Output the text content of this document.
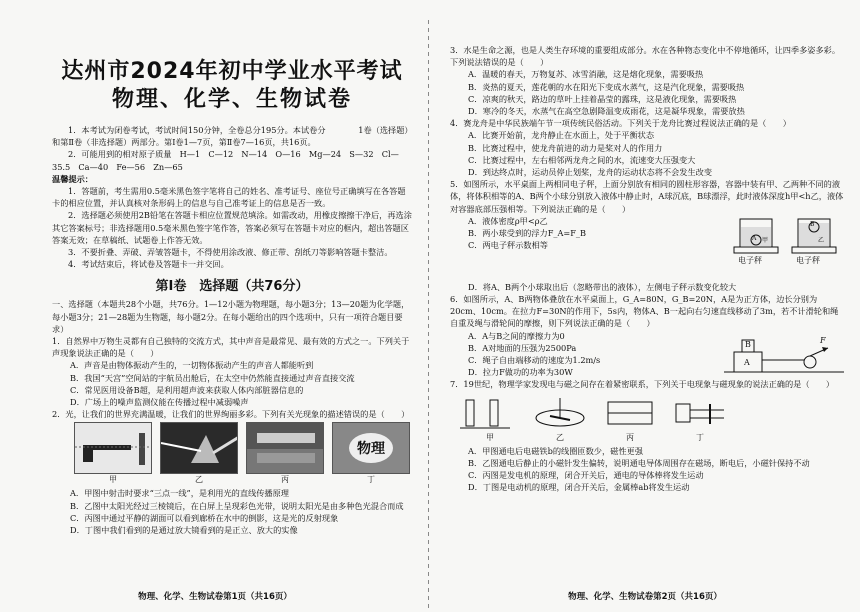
达州市2024年初中学业水平考试
物理、化学、生物试卷

1．本考试为闭卷考试，考试时间150分钟，全卷总分195分。本试卷分　　　　1卷（选择题）和第Ⅱ卷（非选择题）两部分。第Ⅰ卷1—7页，第Ⅱ卷7—16页，共16页。

2．可能用到的相对原子质量　H—1　C—12　N—14　O—16　Mg—24　S—32　Cl—35.5　Ca—40　Fe—56　Zn—65

温馨提示：

1．答题前，考生需用0.5毫米黑色签字笔将自己的姓名、准考证号、座位号正确填写在各答题卡的相应位置，并认真核对条形码上的信息与自己准考证上的信息是否一致。

2．选择题必须使用2B铅笔在答题卡相应位置规范填涂。如需改动，用橡皮擦擦干净后，再选涂其它答案标号；非选择题用0.5毫米黑色签字笔作答，答案必须写在答题卡对应的框内，超出答题区答案无效；在草稿纸、试题卷上作答无效。

3．不要折叠、弄破、弄皱答题卡，不得使用涂改液、修正带、刮纸刀等影响答题卡整洁。

4．考试结束后，将试卷及答题卡一并交回。

第Ⅰ卷　选择题（共76分）

一、选择题（本题共28个小题，共76分。1—12小题为物理题，每小题3分；13—20题为化学题，每小题3分；21—28题为生物题，每小题2分。在每小题给出的四个选项中，只有一项符合题目要求）

1．自然界中万物生灵都有自己独特的交流方式，其中声音是最常见、最有效的方式之一。下列关于声现象说法正确的是（　　）

A．声音是由物体振动产生的，一切物体振动产生的声音人都能听到

B．我国“天宫”空间站的宇航员出舱后，在太空中仍然能直接通过声音直接交流

C．常见医用设备B超，是利用超声波来获取人体内部脏器信息的

D．广场上的噪声监测仪能在传播过程中减弱噪声

2．光，让我们的世界充满温暖，让我们的世界绚丽多彩。下列有关光现象的描述错误的是（　　）

物理
甲	乙	丙	丁

A．甲图中射击时要求“三点一线”，是利用光的直线传播原理

B．乙图中太阳光经过三棱镜后，在白屏上呈现彩色光带，说明太阳光是由多种色光混合而成

C．丙图中通过平静的湖面可以看到廊桥在水中的倒影，这是光的反射现象

D．丁图中我们看到的是通过放大镜看到的是正立、放大的实像

物理、化学、生物试卷第1页（共16页）

3．水是生命之源，也是人类生存环境的重要组成部分。水在各种物态变化中不停地循环，让四季多姿多彩。下列说法错误的是（　　）

A．温暖的春天，万物复苏、冰雪消融，这是熔化现象，需要吸热

B．炎热的夏天，莲花朝的水在阳光下变成水蒸气，这是汽化现象，需要吸热

C．凉爽的秋天，路边的草叶上挂着晶莹的露珠，这是液化现象，需要吸热

D．寒冷的冬天，水蒸气在高空急剧降温变成雨花，这是凝华现象，需要放热

4．赛龙舟是中华民族端午节一项传统民俗活动。下列关于龙舟比赛过程说法正确的是（　　）

A．比赛开始前，龙舟静止在水面上，处于平衡状态

B．比赛过程中，使龙舟前进的动力是桨对人的作用力

C．比赛过程中，左右相邻两龙舟之间的水，流速变大压强变大

D．到达终点时，运动员停止划桨，龙舟的运动状态将不会发生改变

5．如图所示，水平桌面上两相同电子秤，上面分别放有相同的圆柱形容器，容器中装有甲、乙两种不同的液体，将体积相等的A、B两个小球分别放入液体中静止时，A球沉底，B球漂浮，此时液体深度h甲<h乙，液体对容器底部压强相等。下列说法正确的是（　　）

A．液体密度ρ甲<ρ乙

B．两小球受到的浮力F_A=F_B

C．两电子秤示数相等

A 甲
B
乙
电子秤	电子秤

D．将A、B两个小球取出后（忽略带出的液体），左侧电子秤示数变化较大

6．如图所示，A、B两物体叠放在水平桌面上，G_A=80N，G_B=20N，A是为正方体，边长分别为20cm、10cm。在拉力F=30N的作用下，5s内，物体A、B一起向右匀速直线移动了3m，若不计滑轮和绳自重及绳与滑轮间的摩擦，则下列说法正确的是（　　）

A．A与B之间的摩擦力为0

B．A对地面的压强为2500Pa

C．绳子自由端移动的速度为1.2m/s

D．拉力F做功的功率为30W

B
A
F

7．19世纪，物理学家发现电与磁之间存在着紧密联系，下列关于电现象与磁现象的说法正确的是（　　）

甲	乙	丙	丁

A．甲图通电后电磁铁b的线圈匝数少，磁性更强

B．乙图通电后静止的小磁针发生偏转，说明通电导体周围存在磁场，断电后，小磁针保持不动

C．丙图是发电机的原理，闭合开关后，通电的导体棒将发生运动

D．丁图是电动机的原理，闭合开关后，金属棒ab将发生运动

物理、化学、生物试卷第2页（共16页）
